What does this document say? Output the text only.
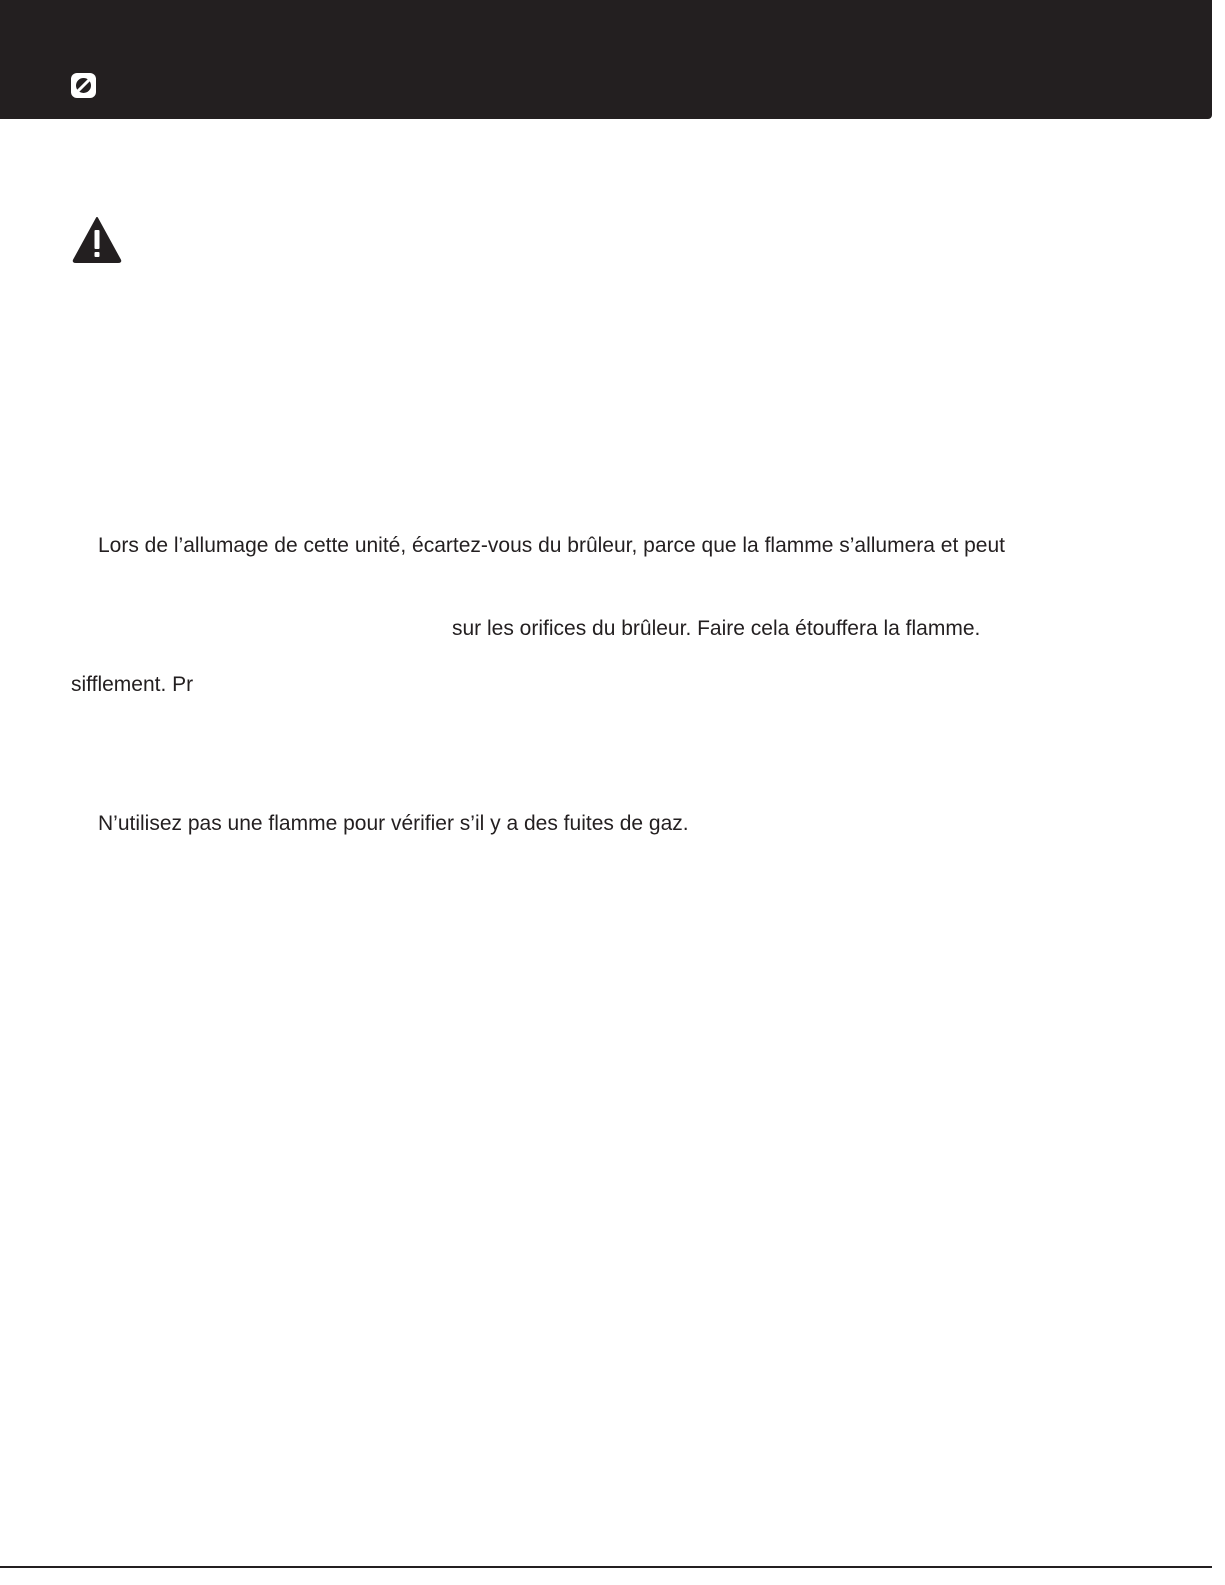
Lors de l’allumage de cette unité, écartez-vous du brûleur, parce que la flamme s’allumera et peut

sur les orifices du brûleur. Faire cela étouffera la flamme.

sifflement. Pr

N’utilisez pas une flamme pour vérifier s’il y a des fuites de gaz.
